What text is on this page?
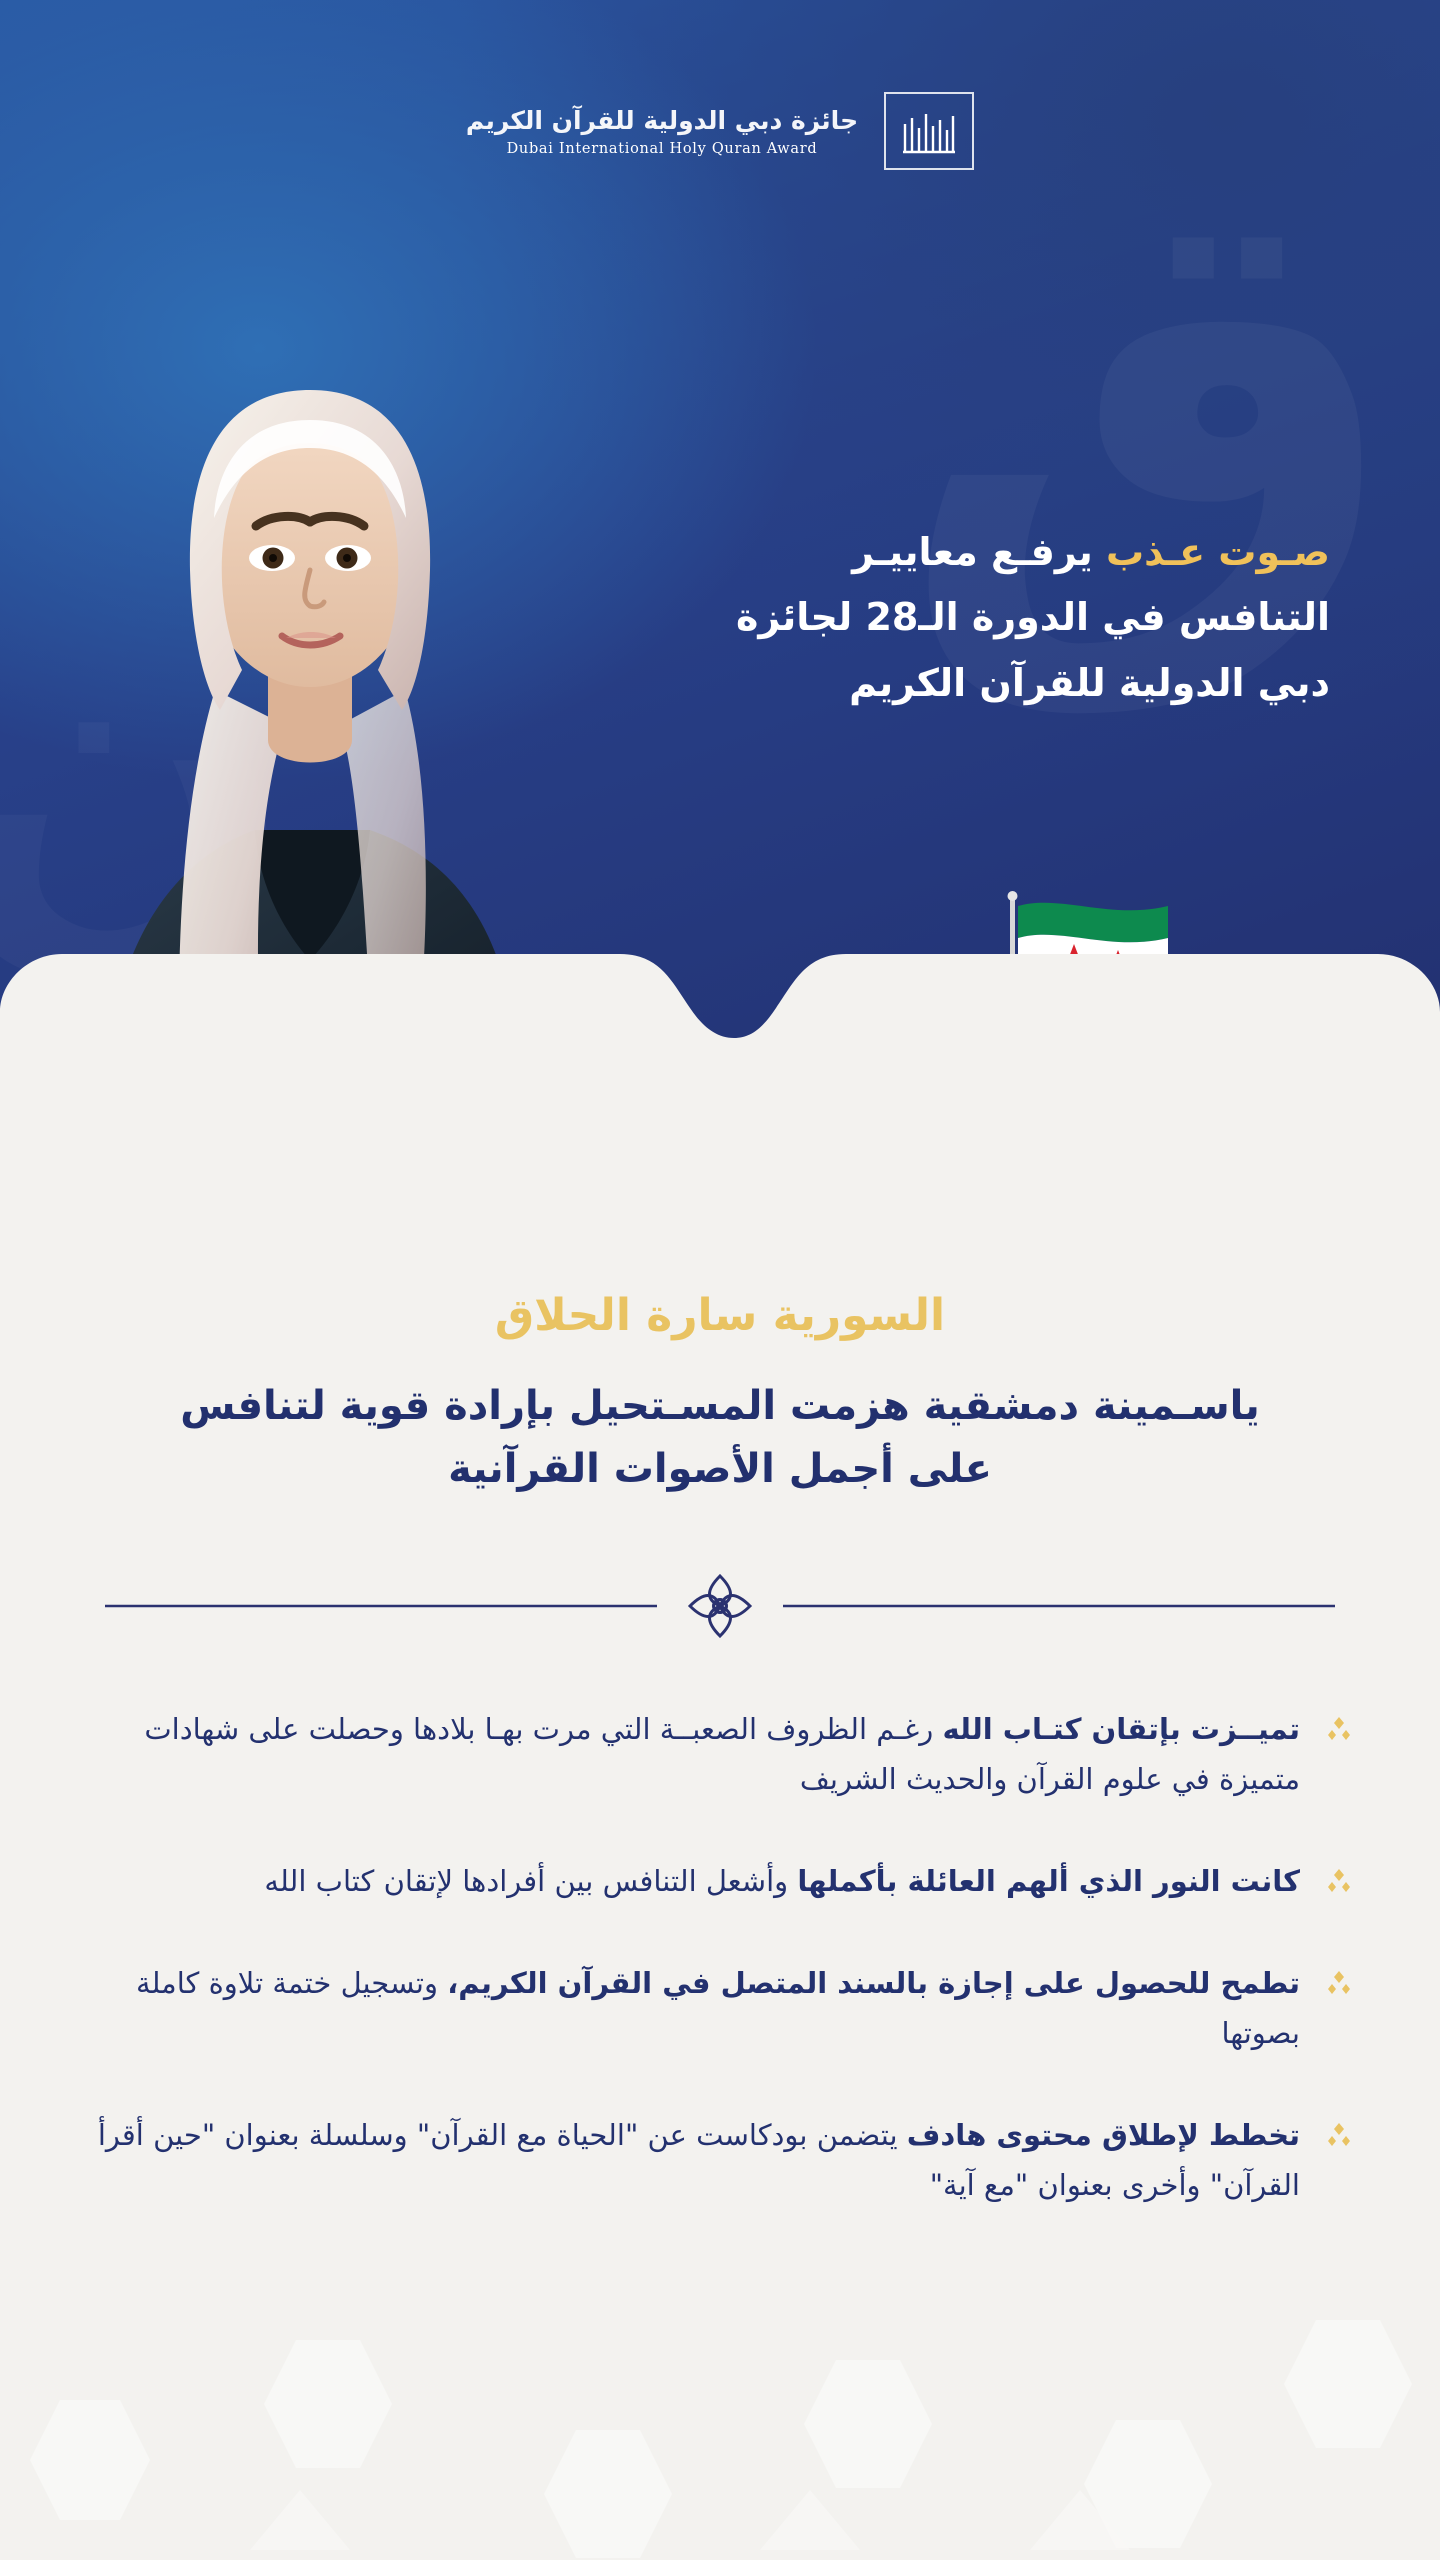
جائزة دبي الدولية للقرآن الكريم
Dubai International Holy Quran Award
صـوت عـذب يرفـع معاييـر التنافس في الدورة الـ28 لجائزة دبي الدولية للقرآن الكريم
السورية سارة الحلاق
ياسـمينة دمشقية هزمت المسـتحيل بإرادة قوية لتنافس على أجمل الأصوات القرآنية
تميــزت بإتقان كتـاب الله رغـم الظروف الصعبــة التي مرت بهـا بلادها وحصلت على شهادات متميزة في علوم القرآن والحديث الشريف
كانت النور الذي ألهم العائلة بأكملها وأشعل التنافس بين أفرادها لإتقان كتاب الله
تطمح للحصول على إجازة بالسند المتصل في القرآن الكريم، وتسجيل ختمة تلاوة كاملة بصوتها
تخطط لإطلاق محتوى هادف يتضمن بودكاست عن "الحياة مع القرآن" وسلسلة بعنوان "حين أقرأ القرآن" وأخرى بعنوان "مع آية"
